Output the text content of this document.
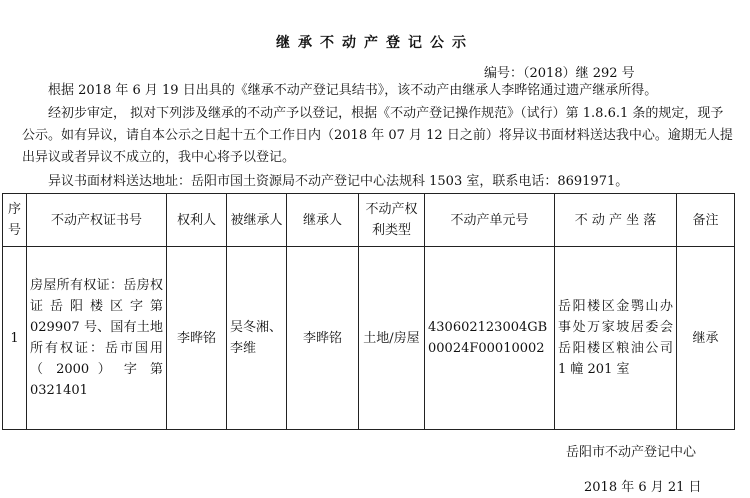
继承不动产登记公示
编号：（2018）继 292 号

根据 2018 年 6 月 19 日出具的《继承不动产登记具结书》，该不动产由继承人李晔铭通过遗产继承所得。

经初步审定， 拟对下列涉及继承的不动产予以登记，根据《不动产登记操作规范》（试行）第 1.8.6.1 条的规定，现予公示。如有异议，请自本公示之日起十五个工作日内（2018 年 07 月 12 日之前）将异议书面材料送达我中心。逾期无人提出异议或者异议不成立的，我中心将予以登记。

异议书面材料送达地址：岳阳市国土资源局不动产登记中心法规科 1503 室，联系电话：8691971。
序号	不动产权证书号	权利人	被继承人	继承人	不动产权利类型	不动产单元号	不 动 产 坐 落	备注
1	房屋所有权证：岳房权证岳阳楼区字第 029907 号、国有土地所有权证：岳市国用 （ 2000 ） 字 第 0321401	李晔铭	吴冬湘、李维	李晔铭	土地/房屋	430602123004GB00024F00010002	岳阳楼区金鹗山办事处万家坡居委会岳阳楼区粮油公司 1 幢 201 室	继承
岳阳市不动产登记中心
2018 年 6 月 21 日
